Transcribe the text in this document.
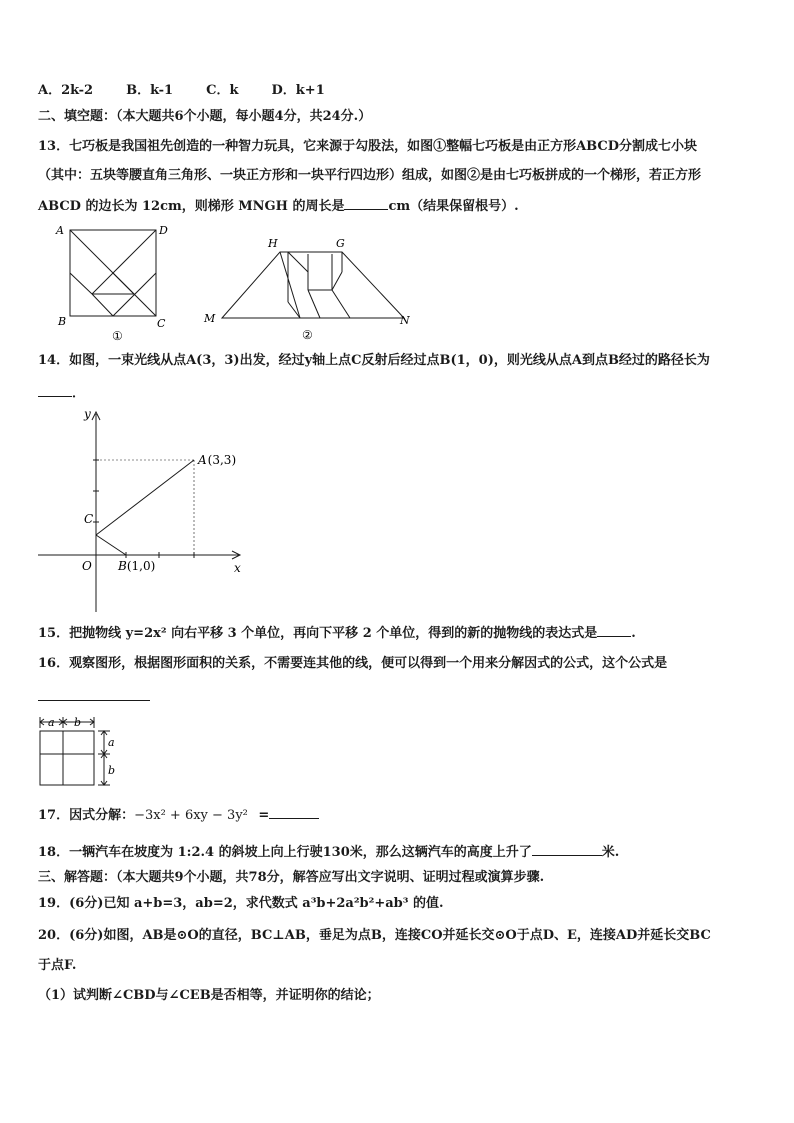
A．2k-2	B．k-1	C．k	D．k+1
二、填空题：（本大题共6个小题，每小题4分，共24分.）
13．七巧板是我国祖先创造的一种智力玩具，它来源于勾股法，如图①整幅七巧板是由正方形ABCD分割成七小块
（其中：五块等腰直角三角形、一块正方形和一块平行四边形）组成，如图②是由七巧板拼成的一个梯形，若正方形
ABCD 的边长为 12cm，则梯形 MNGH 的周长是	cm（结果保留根号）.
A	D
B	C
①
H	G
M	N
②
14．如图，一束光线从点A(3，3)出发，经过y轴上点C反射后经过点B(1，0)，则光线从点A到点B经过的路径长为
．
y
x
O
C
A(3,3)
B(1,0)
15．把抛物线 y=2x² 向右平移 3 个单位，再向下平移 2 个单位，得到的新的抛物线的表达式是	.
16．观察图形，根据图形面积的关系，不需要连其他的线，便可以得到一个用来分解因式的公式，这个公式是
a b
a
b
17．因式分解：−3x² + 6xy − 3y² =
18．一辆汽车在坡度为 1:2.4 的斜坡上向上行驶130米，那么这辆汽车的高度上升了	米.
三、解答题：（本大题共9个小题，共78分，解答应写出文字说明、证明过程或演算步骤.
19．(6分)已知 a+b=3，ab=2，求代数式 a³b+2a²b²+ab³ 的值.
20．(6分)如图，AB是⊙O的直径，BC⊥AB，垂足为点B，连接CO并延长交⊙O于点D、E，连接AD并延长交BC
于点F.
（1）试判断∠CBD与∠CEB是否相等，并证明你的结论；
